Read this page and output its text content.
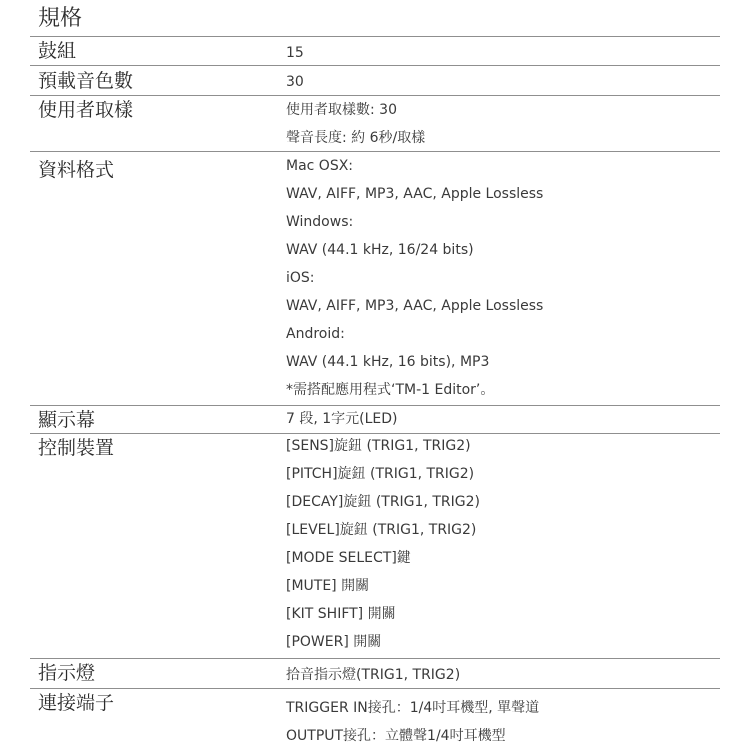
規格
鼓組	15
預載音色數	30
使用者取樣	使用者取樣數: 30
聲音長度: 約 6秒/取樣
資料格式	Mac OSX:
WAV, AIFF, MP3, AAC, Apple Lossless
Windows:
WAV (44.1 kHz, 16/24 bits)
iOS:
WAV, AIFF, MP3, AAC, Apple Lossless
Android:
WAV (44.1 kHz, 16 bits), MP3
*需搭配應用程式‘TM-1 Editor’。
顯示幕	7 段, 1字元(LED)
控制裝置	[SENS]旋鈕 (TRIG1, TRIG2)
[PITCH]旋鈕 (TRIG1, TRIG2)
[DECAY]旋鈕 (TRIG1, TRIG2)
[LEVEL]旋鈕 (TRIG1, TRIG2)
[MODE SELECT]鍵
[MUTE] 開關
[KIT SHIFT] 開關
[POWER] 開關
指示燈	拾音指示燈(TRIG1, TRIG2)
連接端子	TRIGGER IN接孔：1/4吋耳機型, 單聲道
OUTPUT接孔：立體聲1/4吋耳機型
